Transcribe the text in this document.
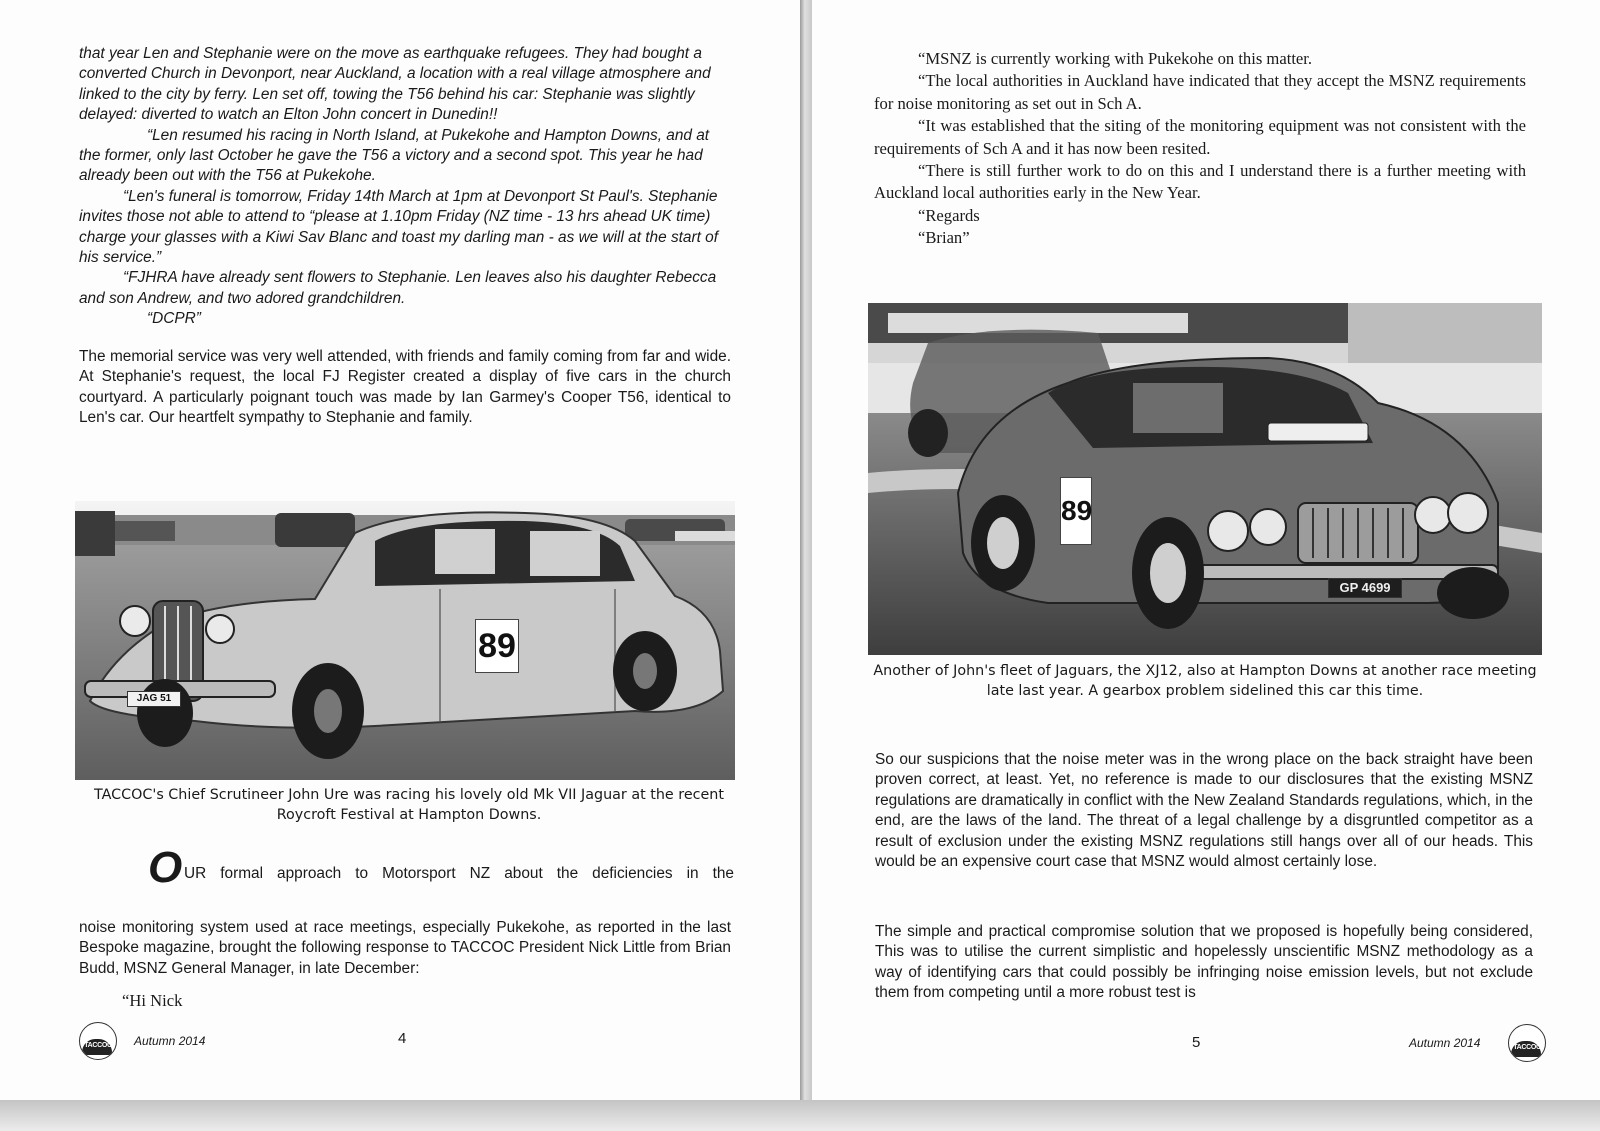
that year Len and Stephanie were on the move as earthquake refugees. They had bought a converted Church in Devonport, near Auckland, a location with a real village atmosphere and linked to the city by ferry. Len set off, towing the T56 behind his car: Stephanie was slightly delayed: diverted to watch an Elton John concert in Dunedin!!
“Len resumed his racing in North Island, at Pukekohe and Hampton Downs, and at the former, only last October he gave the T56 a victory and a second spot. This year he had already been out with the T56 at Pukekohe.
“Len's funeral is tomorrow, Friday 14th March at 1pm at Devonport St Paul's. Stephanie invites those not able to attend to “please at 1.10pm Friday (NZ time - 13 hrs ahead UK time) charge your glasses with a Kiwi Sav Blanc and toast my darling man - as we will at the start of his service.”
“FJHRA have already sent flowers to Stephanie. Len leaves also his daughter Rebecca and son Andrew, and two adored grandchildren.
“DCPR”
The memorial service was very well attended, with friends and family coming from far and wide. At Stephanie's request, the local FJ Register created a display of five cars in the church courtyard. A particularly poignant touch was made by Ian Garmey's Cooper T56, identical to Len's car. Our heartfelt sympathy to Stephanie and family.
89
JAG 51
TACCOC's Chief Scrutineer John Ure was racing his lovely old Mk VII Jaguar at the recent Roycroft Festival at Hampton Downs.
O UR formal approach to Motorsport NZ about the deficiencies in the
noise monitoring system used at race meetings, especially Pukekohe, as reported in the last Bespoke magazine, brought the following response to TACCOC President Nick Little from Brian Budd, MSNZ General Manager, in late December:
“Hi Nick
TACCOC	Autumn 2014	4
“MSNZ is currently working with Pukekohe on this matter.
“The local authorities in Auckland have indicated that they accept the MSNZ requirements for noise monitoring as set out in Sch A.
“It was established that the siting of the monitoring equipment was not consistent with the requirements of Sch A and it has now been resited.
“There is still further work to do on this and I understand there is a further meeting with Auckland local authorities early in the New Year.
“Regards
“Brian”
89
GP 4699
Another of John's fleet of Jaguars, the XJ12, also at Hampton Downs at another race meeting late last year. A gearbox problem sidelined this car this time.
So our suspicions that the noise meter was in the wrong place on the back straight have been proven correct, at least. Yet, no reference is made to our disclosures that the existing MSNZ regulations are dramatically in conflict with the New Zealand Standards regulations, which, in the end, are the laws of the land. The threat of a legal challenge by a disgruntled competitor as a result of exclusion under the existing MSNZ regulations still hangs over all of our heads. This would be an expensive court case that MSNZ would almost certainly lose.
The simple and practical compromise solution that we proposed is hopefully being considered, This was to utilise the current simplistic and hopelessly unscientific MSNZ methodology as a way of identifying cars that could possibly be infringing noise emission levels, but not exclude them from competing until a more robust test is
5	Autumn 2014	TACCOC
